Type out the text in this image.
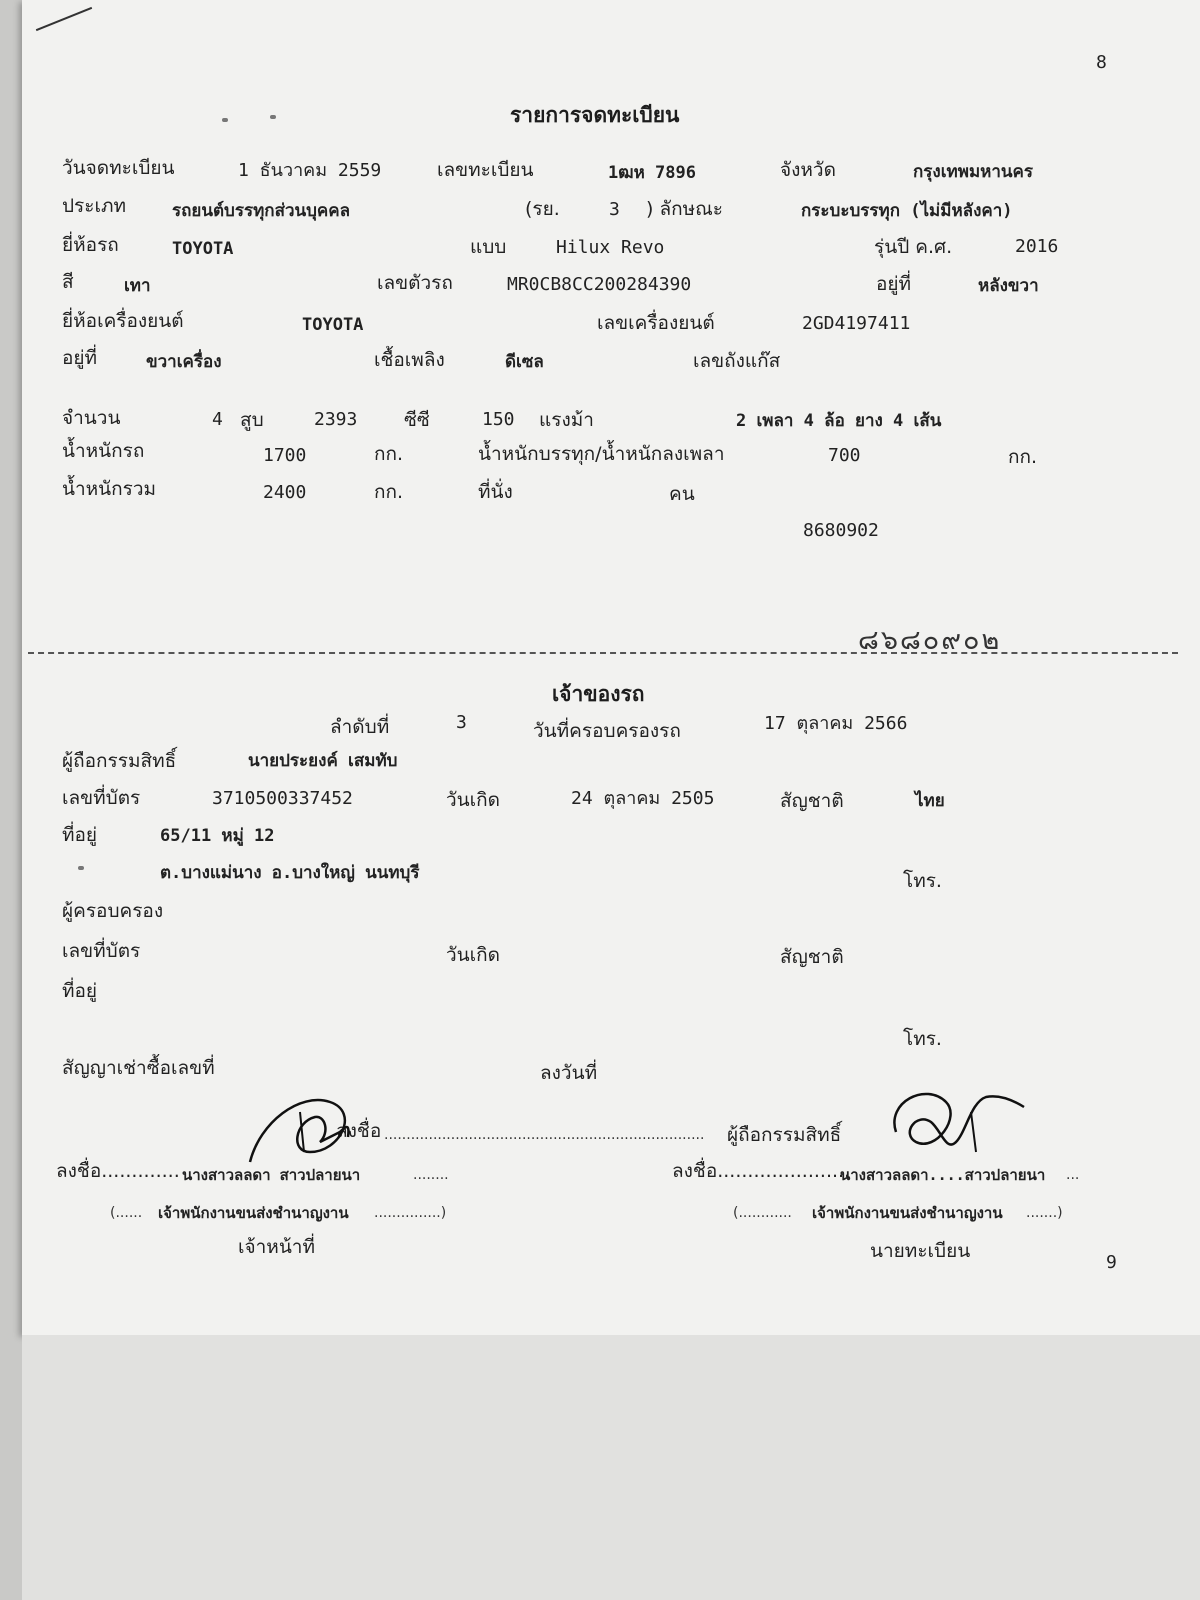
8
9
รายการจดทะเบียน
วันจดทะเบียน	1 ธันวาคม 2559	เลขทะเบียน	1ฒห 7896	จังหวัด	กรุงเทพมหานคร
ประเภท	รถยนต์บรรทุกส่วนบุคคล	(รย.	3 ) ลักษณะ	กระบะบรรทุก (ไม่มีหลังคา)
ยี่ห้อรถ	TOYOTA	แบบ	Hilux Revo	รุ่นปี ค.ศ.	2016
สี	เทา	เลขตัวรถ	MR0CB8CC200284390	อยู่ที่	หลังขวา
ยี่ห้อเครื่องยนต์	TOYOTA	เลขเครื่องยนต์	2GD4197411
อยู่ที่	ขวาเครื่อง	เชื้อเพลิง	ดีเซล	เลขถังแก๊ส
จำนวน	4 สูบ	2393 ซีซี	150 แรงม้า	2 เพลา 4 ล้อ ยาง 4 เส้น
น้ำหนักรถ	1700	กก.	น้ำหนักบรรทุก/น้ำหนักลงเพลา	700	กก.
น้ำหนักรวม	2400	กก.	ที่นั่ง	คน
8680902
๘๖๘๐๙๐๒
เจ้าของรถ
ลำดับที่	3	วันที่ครอบครองรถ	17 ตุลาคม 2566
ผู้ถือกรรมสิทธิ์	นายประยงค์ เสมทับ
เลขที่บัตร	3710500337452	วันเกิด	24 ตุลาคม 2505	สัญชาติ	ไทย
ที่อยู่	65/11 หมู่ 12
ต.บางแม่นาง อ.บางใหญ่ นนทบุรี	โทร.
ผู้ครอบครอง
เลขที่บัตร	วันเกิด	สัญชาติ
ที่อยู่
โทร.
สัญญาเช่าซื้อเลขที่	ลงวันที่
ลงชื่อ ........................................................................ ผู้ถือกรรมสิทธิ์
ลงชื่อ............. นางสาวลลดา สาวปลายนา	........
(...... เจ้าพนักงานขนส่งชำนาญงาน ...............)
เจ้าหน้าที่
ลงชื่อ......................
นางสาวลลดา....สาวปลายนา ...
(............ เจ้าพนักงานขนส่งชำนาญงาน .......)
นายทะเบียน
